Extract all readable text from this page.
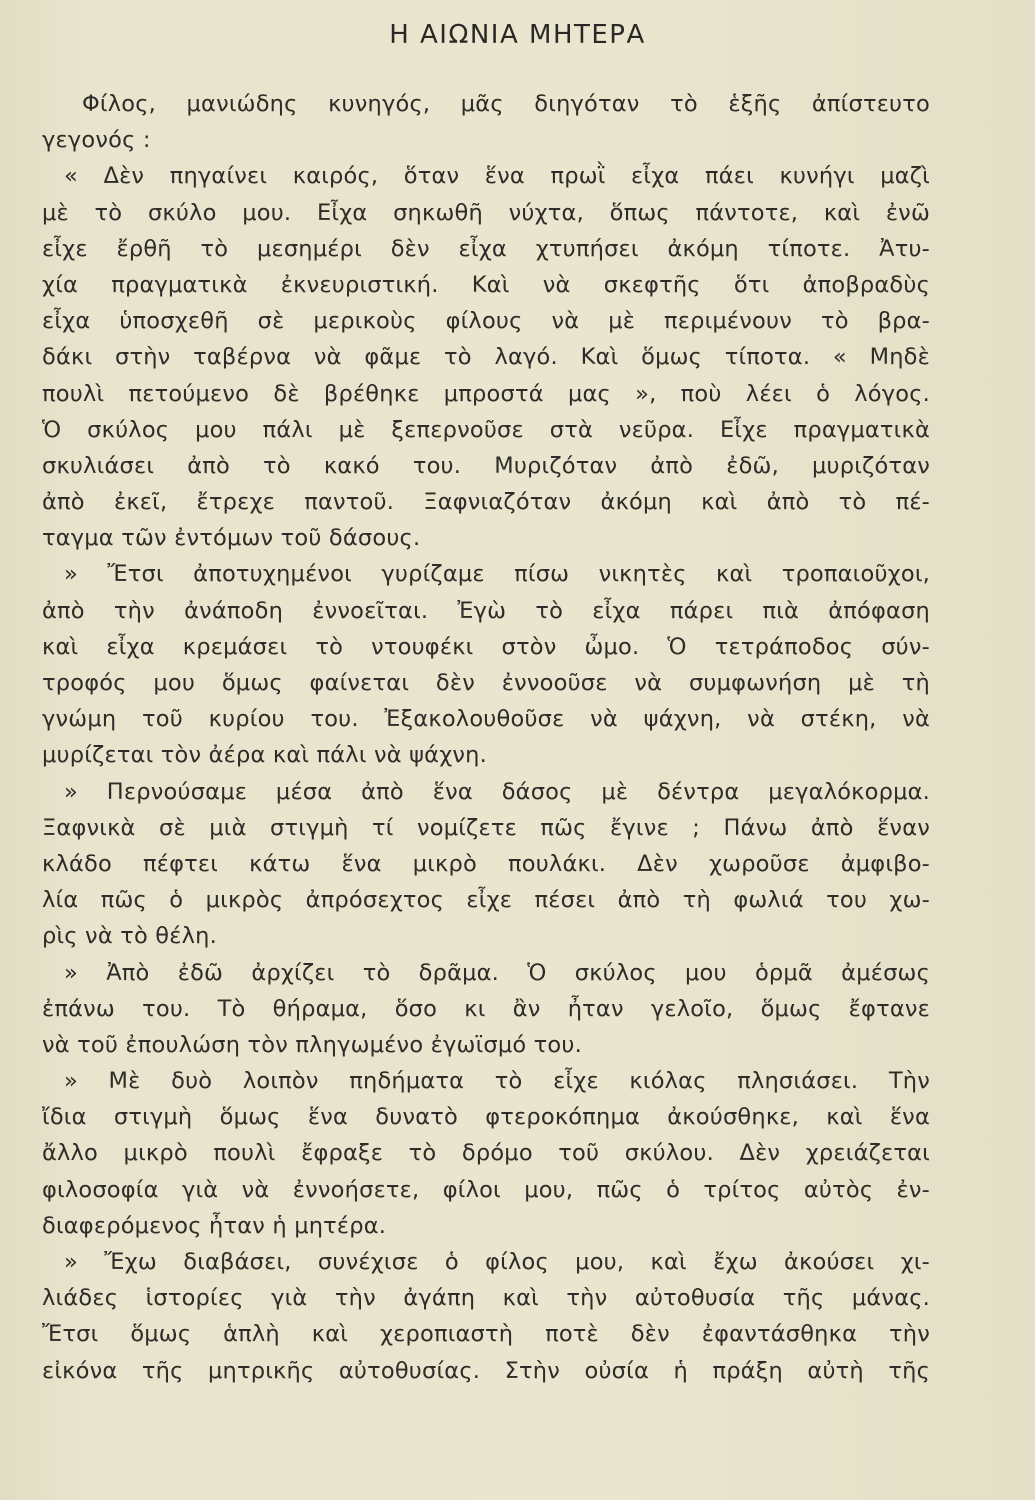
Η ΑΙΩΝΙΑ ΜΗΤΕΡΑ
Φίλος, μανιώδης κυνηγός, μᾶς διηγόταν τὸ ἑξῆς ἀπίστευτο
γεγονός :
« Δὲν πηγαίνει καιρός, ὅταν ἕνα πρωῒ εἶχα πάει κυνήγι μαζὶ
μὲ τὸ σκύλο μου. Εἶχα σηκωθῆ νύχτα, ὅπως πάντοτε, καὶ ἐνῶ
εἶχε ἔρθῆ τὸ μεσημέρι δὲν εἶχα χτυπήσει ἀκόμη τίποτε. Ἀτυ-
χία πραγματικὰ ἐκνευριστική. Καὶ νὰ σκεφτῆς ὅτι ἀποβραδὺς
εἶχα ὑποσχεθῆ σὲ μερικοὺς φίλους νὰ μὲ περιμένουν τὸ βρα-
δάκι στὴν ταβέρνα νὰ φᾶμε τὸ λαγό. Καὶ ὅμως τίποτα. « Μηδὲ
πουλὶ πετούμενο δὲ βρέθηκε μπροστά μας », ποὺ λέει ὁ λόγος.
Ὁ σκύλος μου πάλι μὲ ξεπερνοῦσε στὰ νεῦρα. Εἶχε πραγματικὰ
σκυλιάσει ἀπὸ τὸ κακό του. Μυριζόταν ἀπὸ ἐδῶ, μυριζόταν
ἀπὸ ἐκεῖ, ἔτρεχε παντοῦ. Ξαφνιαζόταν ἀκόμη καὶ ἀπὸ τὸ πέ-
ταγμα τῶν ἐντόμων τοῦ δάσους.
» Ἔτσι ἀποτυχημένοι γυρίζαμε πίσω νικητὲς καὶ τροπαιοῦχοι,
ἀπὸ τὴν ἀνάποδη ἐννοεῖται. Ἐγὼ τὸ εἶχα πάρει πιὰ ἀπόφαση
καὶ εἶχα κρεμάσει τὸ ντουφέκι στὸν ὦμο. Ὁ τετράποδος σύν-
τροφός μου ὅμως φαίνεται δὲν ἐννοοῦσε νὰ συμφωνήση μὲ τὴ
γνώμη τοῦ κυρίου του. Ἐξακολουθοῦσε νὰ ψάχνη, νὰ στέκη, νὰ
μυρίζεται τὸν ἀέρα καὶ πάλι νὰ ψάχνη.
» Περνούσαμε μέσα ἀπὸ ἕνα δάσος μὲ δέντρα μεγαλόκορμα.
Ξαφνικὰ σὲ μιὰ στιγμὴ τί νομίζετε πῶς ἔγινε ; Πάνω ἀπὸ ἕναν
κλάδο πέφτει κάτω ἕνα μικρὸ πουλάκι. Δὲν χωροῦσε ἀμφιβο-
λία πῶς ὁ μικρὸς ἀπρόσεχτος εἶχε πέσει ἀπὸ τὴ φωλιά του χω-
ρὶς νὰ τὸ θέλη.
» Ἀπὸ ἐδῶ ἀρχίζει τὸ δρᾶμα. Ὁ σκύλος μου ὁρμᾶ ἀμέσως
ἐπάνω του. Τὸ θήραμα, ὅσο κι ἂν ἦταν γελοῖο, ὅμως ἔφτανε
νὰ τοῦ ἐπουλώση τὸν πληγωμένο ἐγωϊσμό του.
» Μὲ δυὸ λοιπὸν πηδήματα τὸ εἶχε κιόλας πλησιάσει. Τὴν
ἴδια στιγμὴ ὅμως ἕνα δυνατὸ φτεροκόπημα ἀκούσθηκε, καὶ ἕνα
ἄλλο μικρὸ πουλὶ ἔφραξε τὸ δρόμο τοῦ σκύλου. Δὲν χρειάζεται
φιλοσοφία γιὰ νὰ ἐννοήσετε, φίλοι μου, πῶς ὁ τρίτος αὐτὸς ἐν-
διαφερόμενος ἦταν ἡ μητέρα.
» Ἔχω διαβάσει, συνέχισε ὁ φίλος μου, καὶ ἔχω ἀκούσει χι-
λιάδες ἱστορίες γιὰ τὴν ἀγάπη καὶ τὴν αὐτοθυσία τῆς μάνας.
Ἔτσι ὅμως ἁπλὴ καὶ χεροπιαστὴ ποτὲ δὲν ἐφαντάσθηκα τὴν
εἰκόνα τῆς μητρικῆς αὐτοθυσίας. Στὴν οὐσία ἡ πράξη αὐτὴ τῆς
